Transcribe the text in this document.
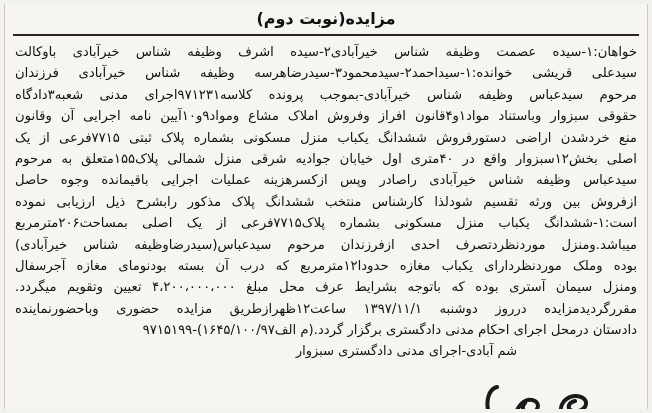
مزایده(نوبت دوم)
خواهان:۱-سیده عصمت وظیفه شناس خیرآبادی۲-سیده اشرف وظیفه شناس خیرآبادی باوکالت
سیدعلی قریشی خوانده:۱-سیداحمد۲-سیدمحمود۳-سیدرضاهرسه وظیفه شناس خیرآبادی فرزندان
مرحوم سیدعباس وظیفه شناس خیرآبادی-بموجب پرونده کلاسه۹۷۱۲۳۱اجرای مدنی شعبه۳دادگاه
حقوقی سبزوار وباستناد مواد۱و۴قانون افراز وفروش املاک مشاع ومواد۹و۱۰آیین نامه اجرایی آن وقانون
منع خردشدن اراضی دستورفروش ششدانگ یکباب منزل مسکونی بشماره پلاک ثبتی ۷۷۱۵فرعی از یک
اصلی بخش۱۲سبزوار واقع در ۴۰متری اول خیابان جوادیه شرقی منزل شمالی پلاک۱۵۵متعلق به مرحوم
سیدعباس وظیفه شناس خیرآبادی راصادر وپس ازکسرهزینه عملیات اجرایی باقیمانده وجوه حاصل
ازفروش بین ورثه تقسیم شودلذا کارشناس منتخب ششدانگ پلاک مذکور رابشرح ذیل ارزیابی نموده
است:۱-ششدانگ یکباب منزل مسکونی بشماره پلاک۷۷۱۵فرعی از یک اصلی بمساحت۲۰۶مترمربع
میباشد.ومنزل موردنظردتصرف احدی ازفرزندان مرحوم سیدعباس(سیدرضاوظیفه شناس خیرآبادی)
بوده وملک موردنظردارای یکباب مغازه حدودا۱۲مترمربع که درب آن بسته بودنومای مغازه آجرسفال
ومنزل سیمان آستری بوده که باتوجه بشرایط عرف محل مبلغ ۴،۲۰۰،۰۰۰،۰۰۰ تعیین وتقویم میگردد.
مقررگردیدمزایده درروز دوشنبه ۱۳۹۷/۱۱/۱ ساعت۱۲ظهرازطریق مزایده حضوری وباحضورنماینده
دادستان درمحل اجرای احکام مدنی دادگستری برگزار گردد.(م الف۱۶۴۵/۱۰۰/۹۷)-۹۷۱۵۱۹۹
شم آبادی-اجرای مدنی دادگستری سبزوار
